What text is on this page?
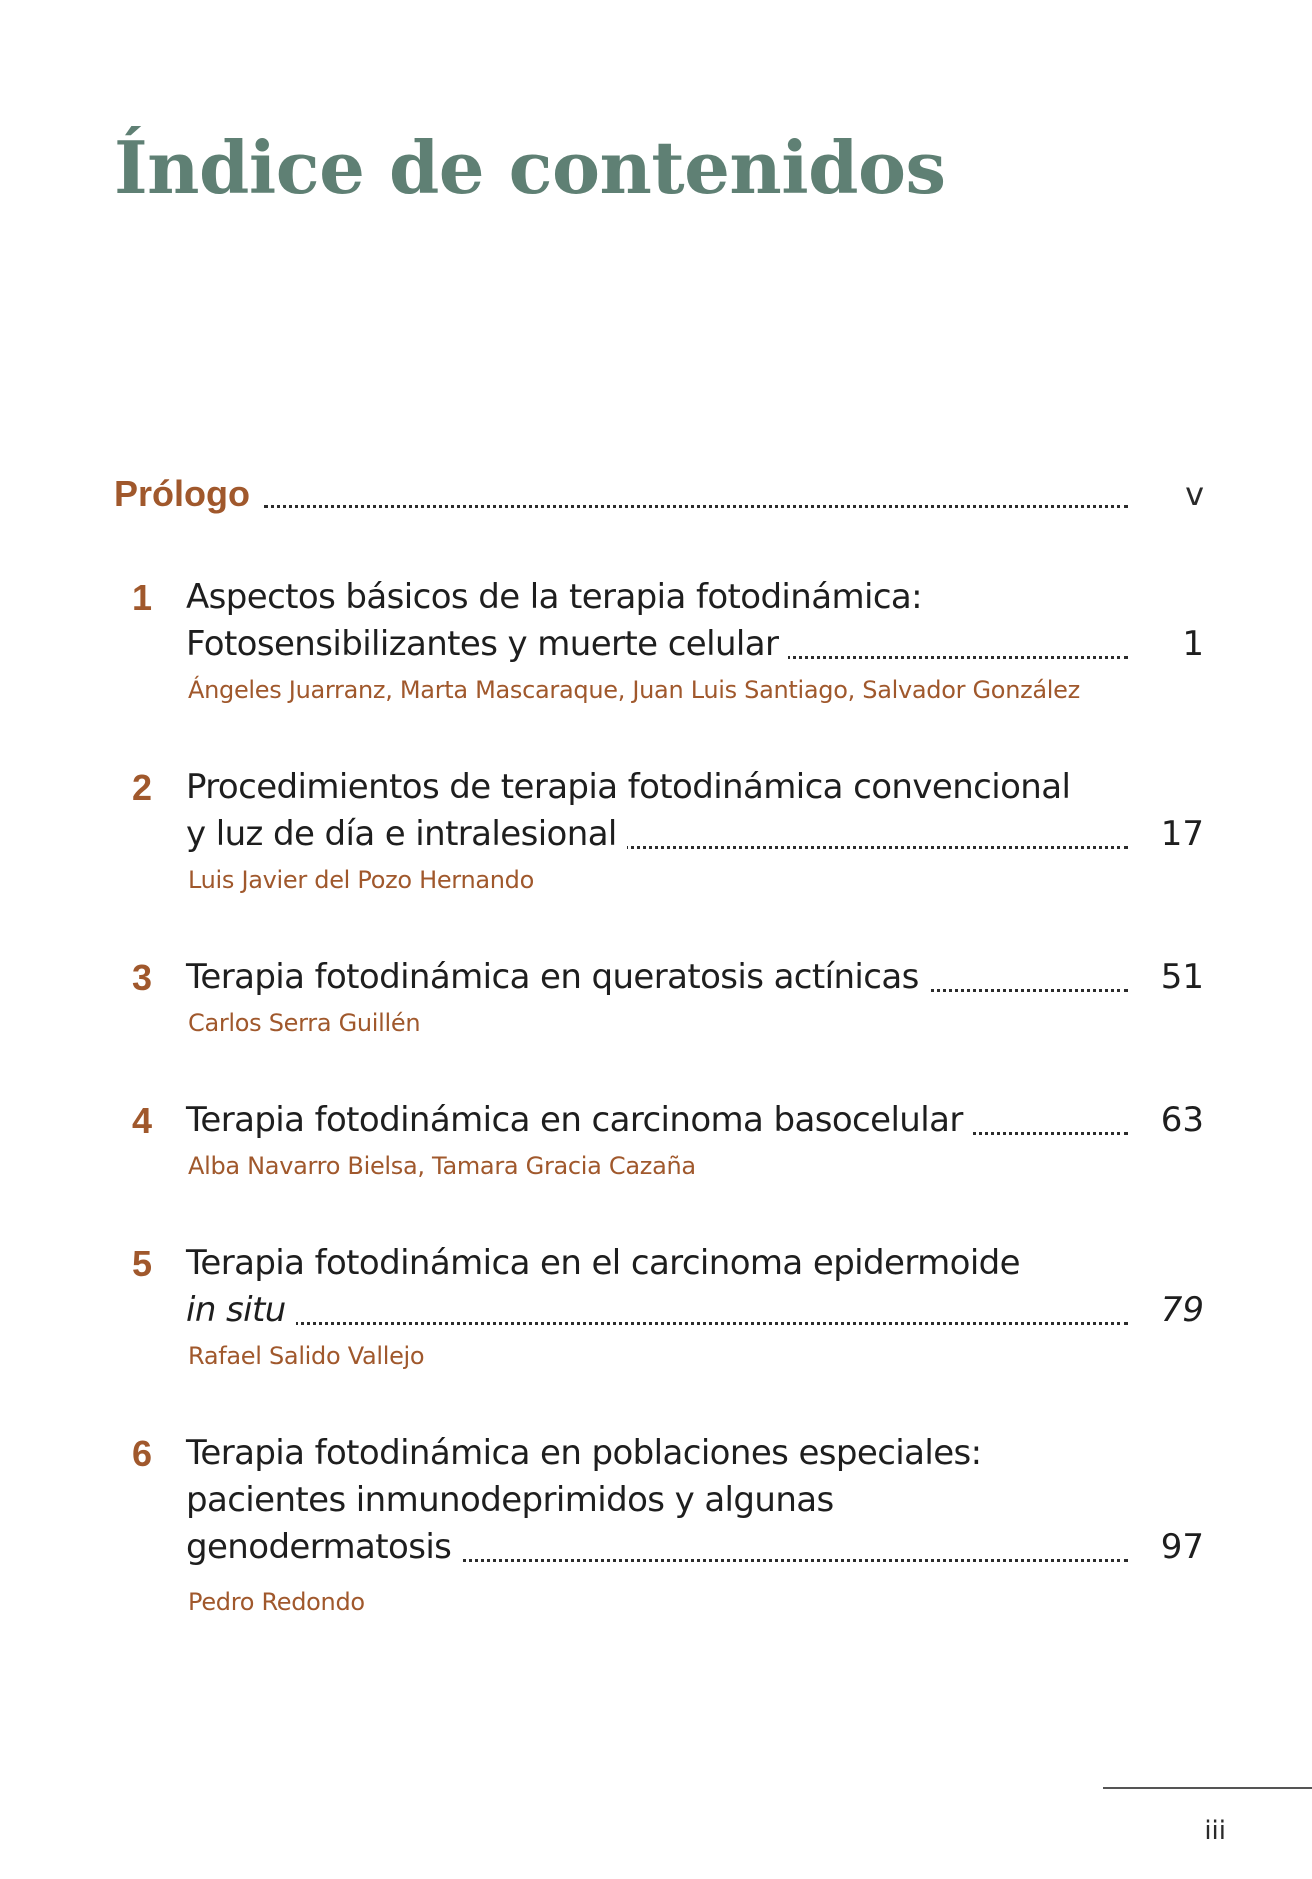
Índice de contenidos
Prólogo	v
1 Aspectos básicos de la terapia fotodinámica:
Fotosensibilizantes y muerte celular	1
Ángeles Juarranz, Marta Mascaraque, Juan Luis Santiago, Salvador González
2 Procedimientos de terapia fotodinámica convencional
y luz de día e intralesional	17
Luis Javier del Pozo Hernando
3 Terapia fotodinámica en queratosis actínicas	51
Carlos Serra Guillén
4 Terapia fotodinámica en carcinoma basocelular	63
Alba Navarro Bielsa, Tamara Gracia Cazaña
5 Terapia fotodinámica en el carcinoma epidermoide
in situ	79
Rafael Salido Vallejo
6 Terapia fotodinámica en poblaciones especiales:
pacientes inmunodeprimidos y algunas
genodermatosis	97
Pedro Redondo
iii
